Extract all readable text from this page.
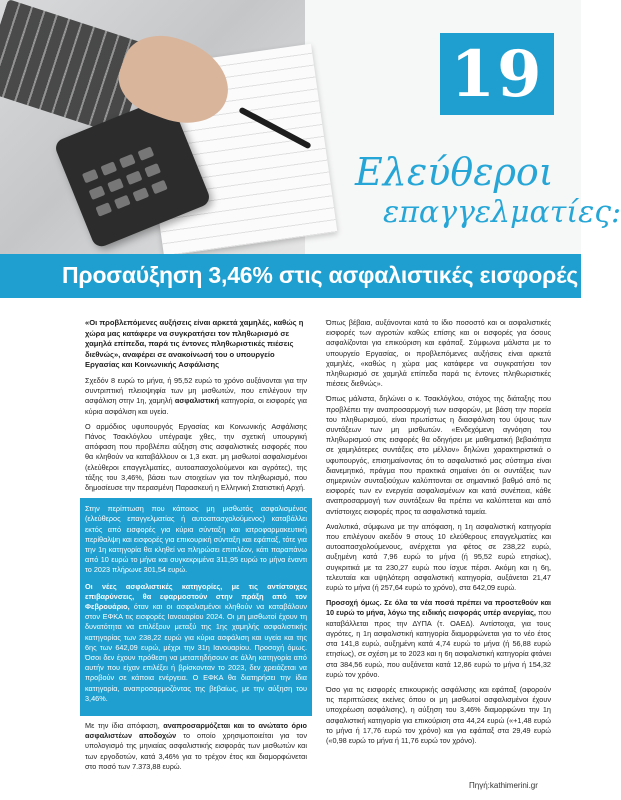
19
Ελεύθεροι
επαγγελματίες:
Προσαύξηση 3,46% στις ασφαλιστικές εισφορές

«Οι προβλεπόμενες αυξήσεις είναι αρκετά χαμηλές, καθώς η χώρα μας κατάφερε να συγκρατήσει τον πληθωρισμό σε χαμηλά επίπεδα, παρά τις έντονες πληθωριστικές πιέσεις διεθνώς», αναφέρει σε ανακοίνωσή του ο υπουργείο Εργασίας και Κοινωνικής Ασφάλισης

Σχεδόν 8 ευρώ το μήνα, ή 95,52 ευρώ το χρόνο αυξάνονται για την συντριπτική πλειοψηφία των μη μισθωτών, που επιλέγουν την ασφάλιση στην 1η, χαμηλή ασφαλιστική κατηγορία, οι εισφορές για κύρια ασφάλιση και υγεία.

Ο αρμόδιος υφυπουργός Εργασίας και Κοινωνικής Ασφάλισης Πάνος Τσακλόγλου υπέγραψε χθες, την σχετική υπουργική απόφαση που προβλέπει αύξηση στις ασφαλιστικές εισφορές που θα κληθούν να καταβάλλουν οι 1,3 εκατ. μη μισθωτοί ασφαλισμένοι (ελεύθεροι επαγγελματίες, αυτοαπασχολούμενοι και αγρότες), της τάξης του 3,46%, βάσει των στοιχείων για τον πληθωρισμό, που δημοσίευσε την περασμένη Παρασκευή η Ελληνική Στατιστική Αρχή.

Στην περίπτωση που κάποιος μη μισθωτός ασφαλισμένος (ελεύθερος επαγγελματίας ή αυτοαπασχολούμενος) καταβάλλει εκτός από εισφορές για κύρια σύνταξη και ιατροφαρμακευτική περίθαλψη και εισφορές για επικουρική σύνταξη και εφάπαξ, τότε για την 1η κατηγορία θα κληθεί να πληρώσει επιπλέον, κάτι παραπάνω από 10 ευρώ το μήνα και συγκεκριμένα 311,95 ευρώ το μήνα έναντι το 2023 πλήρωνε 301,54 ευρώ.

Οι νέες ασφαλιστικές κατηγορίες, με τις αντίστοιχες επιβαρύνσεις, θα εφαρμοστούν στην πράξη από τον Φεβρουάριο, όταν και οι ασφαλισμένοι κληθούν να καταβάλουν στον ΕΦΚΑ τις εισφορές Ιανουαρίου 2024. Οι μη μισθωτοί έχουν τη δυνατότητα να επιλέξουν μεταξύ της 1ης χαμηλής ασφαλιστικής κατηγορίας των 238,22 ευρώ για κύρια ασφάλιση και υγεία και της 6ης των 642,09 ευρώ, μέχρι την 31η Ιανουαρίου. Προσοχή όμως. Όσοι δεν έχουν πρόθεση να μεταπηδήσουν σε άλλη κατηγορία από αυτήν που είχαν επιλέξει ή βρίσκονταν το 2023, δεν χρειάζεται να προβούν σε κάποια ενέργεια. Ο ΕΦΚΑ θα διατηρήσει την ίδια κατηγορία, αναπροσαρμοζόντας της βεβαίως, με την αύξηση του 3,46%.

Με την ίδια απόφαση, αναπροσαρμόζεται και το ανώτατο όριο ασφαλιστέων αποδοχών το οποίο χρησιμοποιείται για τον υπολογισμό της μηνιαίας ασφαλιστικής εισφοράς των μισθωτών και των εργοδοτών, κατά 3,46% για το τρέχον έτος και διαμορφώνεται στο ποσό των 7.373,88 ευρώ.

Όπως βέβαια, αυξάνονται κατά το ίδιο ποσοστό και οι ασφαλιστικές εισφορές των αγροτών καθώς επίσης και οι εισφορές για όσους ασφαλίζονται για επικούριση και εφάπαξ. Σύμφωνα μάλιστα με το υπουργείο Εργασίας, οι προβλεπόμενες αυξήσεις είναι αρκετά χαμηλές, «καθώς η χώρα μας κατάφερε να συγκρατήσει τον πληθωρισμό σε χαμηλά επίπεδα παρά τις έντονες πληθωριστικές πιέσεις διεθνώς».

Όπως μάλιστα, δηλώνει ο κ. Τσακλόγλου, στόχος της διάταξης που προβλέπει την αναπροσαρμογή των εισφορών, με βάση την πορεία του πληθωρισμού, είναι πρωτίστως η διασφάλιση του ύψους των συντάξεων των μη μισθωτών. «Ενδεχόμενη αγνόηση του πληθωρισμού στις εισφορές θα οδηγήσει με μαθηματική βεβαιότητα σε χαμηλότερες συντάξεις στο μέλλον» δηλώνει χαρακτηριστικά ο υφυπουργός, επισημαίνοντας ότι το ασφαλιστικό μας σύστημα είναι διανεμητικό, πράγμα που πρακτικά σημαίνει ότι οι συντάξεις των σημερινών συνταξιούχων καλύπτονται σε σημαντικό βαθμό από τις εισφορές των εν ενεργεία ασφαλισμένων και κατά συνέπεια, κάθε αναπροσαρμογή των συντάξεων θα πρέπει να καλύπτεται και από αντίστοιχες εισφορές προς τα ασφαλιστικά ταμεία.

Αναλυτικά, σύμφωνα με την απόφαση, η 1η ασφαλιστική κατηγορία που επιλέγουν ακεδόν 9 στους 10 ελεύθερους επαγγελματίες και αυτοαπασχολούμενους, ανέρχεται για φέτος σε 238,22 ευρώ, αυξημένη κατά 7,96 ευρώ το μήνα (ή 95,52 ευρώ ετησίως), συγκριτικά με τα 230,27 ευρώ που ίσχυε πέρσι. Ακόμη και η 6η, τελευταία και υψηλότερη ασφαλιστική κατηγορία, αυξάνεται 21,47 ευρώ το μήνα (ή 257,64 ευρώ το χρόνο), στα 642,09 ευρώ.

Προσοχή όμως. Σε όλα τα νέα ποσά πρέπει να προστεθούν και 10 ευρώ το μήνα, λόγω της ειδικής εισφοράς υπέρ ανεργίας, που καταβάλλεται προς την ΔΥΠΑ (τ. ΟΑΕΔ). Αντίστοιχα, για τους αγρότες, η 1η ασφαλιστική κατηγορία διαμορφώνεται για το νέο έτος στα 141,8 ευρώ, αυξημένη κατά 4,74 ευρώ το μήνα (ή 56,88 ευρώ ετησίως), σε σχέση με το 2023 και η 6η ασφαλιστική κατηγορία φτάνει στα 384,56 ευρώ, που αυξάνεται κατά 12,86 ευρώ το μήνα ή 154,32 ευρώ τον χρόνο.

Όσο για τις εισφορές επικουρικής ασφάλισης και εφάπαξ (αφορούν τις περιπτώσεις εκείνες όπου οι μη μισθωτοί ασφαλισμένοι έχουν υποχρέωση ασφάλισης), η αύξηση του 3,46% διαμορφώνει την 1η ασφαλιστική κατηγορία για επικούριση στα 44,24 ευρώ («+1,48 ευρώ το μήνα ή 17,76 ευρώ τον χρόνο) και για εφάπαξ στα 29,49 ευρώ («0,98 ευρώ το μήνα ή 11,76 ευρώ τον χρόνο).

Πηγή:kathimerini.gr
